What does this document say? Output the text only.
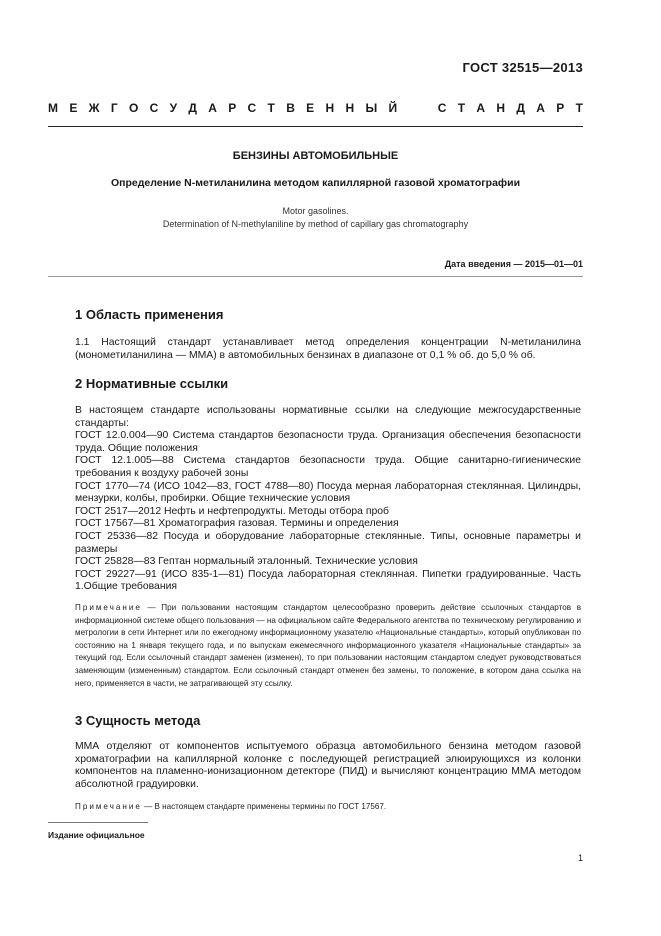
ГОСТ 32515—2013
М Е Ж Г О С У Д А Р С Т В Е Н Н Ы Й	С Т А Н Д А Р Т
БЕНЗИНЫ АВТОМОБИЛЬНЫЕ
Определение N-метиланилина методом капиллярной газовой хроматографии
Motor gasolines.
Determination of N-methylaniline by method of capillary gas chromatography
Дата введения — 2015—01—01
1 Область применения

1.1 Настоящий стандарт устанавливает метод определения концентрации N-метиланилина (монометиланилина — ММА) в автомобильных бензинах в диапазоне от 0,1 % об. до 5,0 % об.

2 Нормативные ссылки

В настоящем стандарте использованы нормативные ссылки на следующие межгосударственные стандарты:

ГОСТ 12.0.004—90 Система стандартов безопасности труда. Организация обеспечения безопасности труда. Общие положения

ГОСТ 12.1.005—88 Система стандартов безопасности труда. Общие санитарно-гигиенические требования к воздуху рабочей зоны

ГОСТ 1770—74 (ИСО 1042—83, ГОСТ 4788—80) Посуда мерная лабораторная стеклянная. Цилиндры, мензурки, колбы, пробирки. Общие технические условия

ГОСТ 2517—2012 Нефть и нефтепродукты. Методы отбора проб

ГОСТ 17567—81 Хроматография газовая. Термины и определения

ГОСТ 25336—82 Посуда и оборудование лабораторные стеклянные. Типы, основные параметры и размеры

ГОСТ 25828—83 Гептан нормальный эталонный. Технические условия

ГОСТ 29227—91 (ИСО 835-1—81) Посуда лабораторная стеклянная. Пипетки градуированные. Часть 1.Общие требования

Примечание — При пользовании настоящим стандартом целесообразно проверить действие ссылочных стандартов в информационной системе общего пользования — на официальном сайте Федерального агентства по техническому регулированию и метрологии в сети Интернет или по ежегодному информационному указателю «Национальные стандарты», который опубликован по состоянию на 1 января текущего года, и по выпускам ежемесячного информационного указателя «Национальные стандарты» за текущий год. Если ссылочный стандарт заменен (изменен), то при пользовании настоящим стандартом следует руководствоваться заменяющим (измененным) стандартом. Если ссылочный стандарт отменен без замены, то положение, в котором дана ссылка на него, применяется в части, не затрагивающей эту ссылку.
3 Сущность метода

ММА отделяют от компонентов испытуемого образца автомобильного бензина методом газовой хроматографии на капиллярной колонке с последующей регистрацией элюирующихся из колонки компонентов на пламенно-ионизационном детекторе (ПИД) и вычисляют концентрацию ММА методом абсолютной градуировки.

Примечание — В настоящем стандарте применены термины по ГОСТ 17567.
Издание официальное
1
